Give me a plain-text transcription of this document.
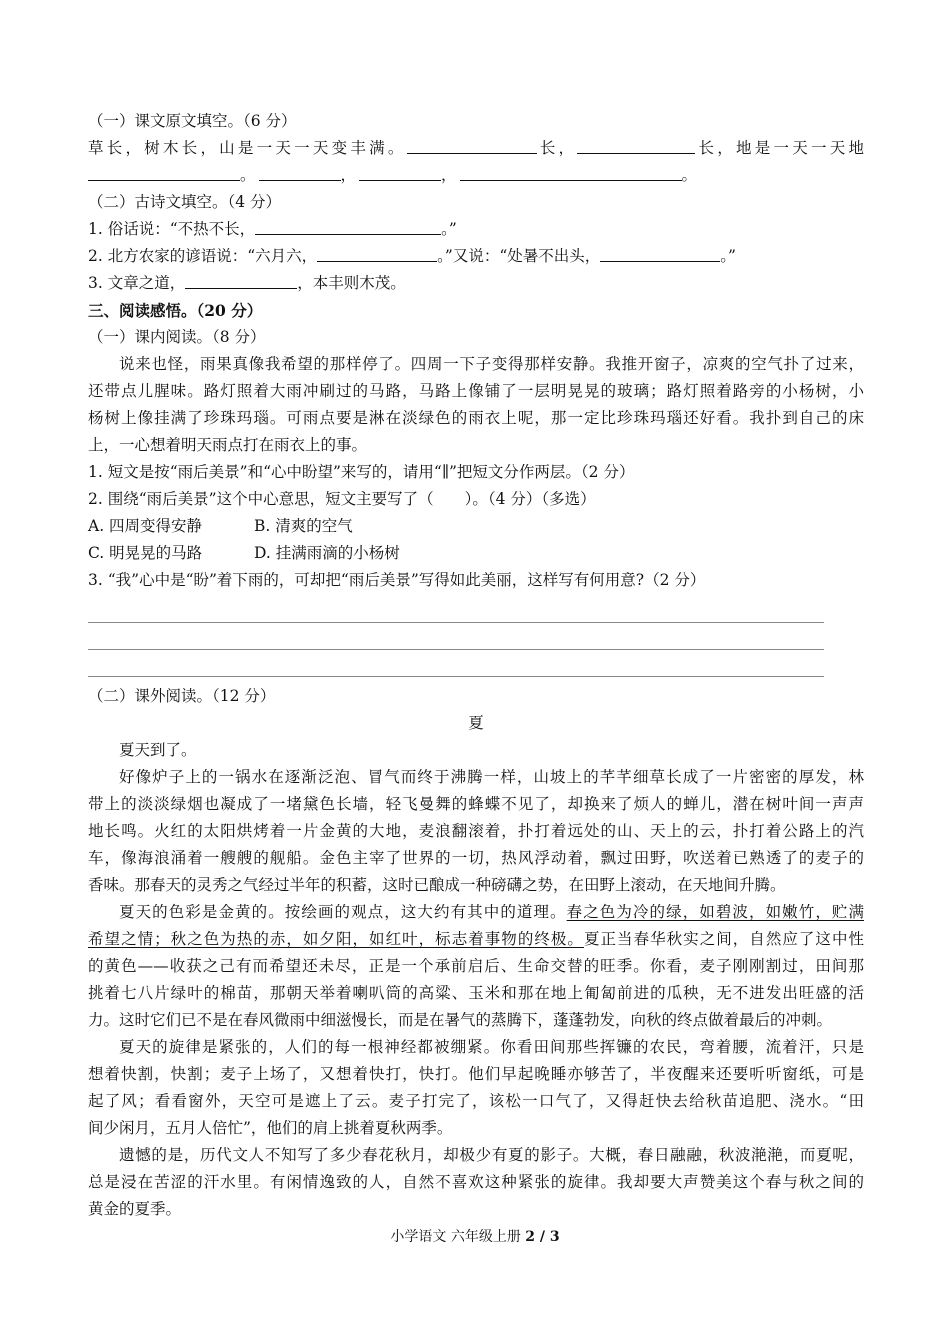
（一）课文原文填空。（6 分）
草长，树木长，山是一天一天变丰满。	长，	长，地是一天一天地
。	，	，	。
（二）古诗文填空。（4 分）
1. 俗话说：“不热不长，	。”
2. 北方农家的谚语说：“六月六，	。”又说：“处暑不出头，	。”
3. 文章之道，	，本丰则木茂。
三、阅读感悟。（20 分）
（一）课内阅读。（8 分）
说来也怪，雨果真像我希望的那样停了。四周一下子变得那样安静。我推开窗子，凉爽的空气扑了过来，
还带点儿腥味。路灯照着大雨冲刷过的马路，马路上像铺了一层明晃晃的玻璃；路灯照着路旁的小杨树，小
杨树上像挂满了珍珠玛瑙。可雨点要是淋在淡绿色的雨衣上呢，那一定比珍珠玛瑙还好看。我扑到自己的床
上，一心想着明天雨点打在雨衣上的事。
1. 短文是按“雨后美景”和“心中盼望”来写的，请用“∥”把短文分作两层。（2 分）
2. 围绕“雨后美景”这个中心意思，短文主要写了（　　）。（4 分）（多选）
A. 四周变得安静	B. 清爽的空气
C. 明晃晃的马路	D. 挂满雨滴的小杨树
3. “我”心中是“盼”着下雨的，可却把“雨后美景”写得如此美丽，这样写有何用意?（2 分）
（二）课外阅读。（12 分）
夏
夏天到了。
好像炉子上的一锅水在逐渐泛泡、冒气而终于沸腾一样，山坡上的芊芊细草长成了一片密密的厚发，林
带上的淡淡绿烟也凝成了一堵黛色长墙，轻飞曼舞的蜂蝶不见了，却换来了烦人的蝉儿，潜在树叶间一声声
地长鸣。火红的太阳烘烤着一片金黄的大地，麦浪翻滚着，扑打着远处的山、天上的云，扑打着公路上的汽
车，像海浪涌着一艘艘的舰船。金色主宰了世界的一切，热风浮动着，飘过田野，吹送着已熟透了的麦子的
香味。那春天的灵秀之气经过半年的积蓄，这时已酿成一种磅礴之势，在田野上滚动，在天地间升腾。
夏天的色彩是金黄的。按绘画的观点，这大约有其中的道理。春之色为冷的绿，如碧波，如嫩竹，贮满
希望之情；秋之色为热的赤，如夕阳，如红叶，标志着事物的终极。夏正当春华秋实之间，自然应了这中性
的黄色——收获之己有而希望还未尽，正是一个承前启后、生命交替的旺季。你看，麦子刚刚割过，田间那
挑着七八片绿叶的棉苗，那朝天举着喇叭筒的高粱、玉米和那在地上匍匐前进的瓜秧，无不进发出旺盛的活
力。这时它们已不是在春风微雨中细滋慢长，而是在暑气的蒸腾下，蓬蓬勃发，向秋的终点做着最后的冲刺。
夏天的旋律是紧张的，人们的每一根神经都被绷紧。你看田间那些挥镰的农民，弯着腰，流着汗，只是
想着快割，快割；麦子上场了，又想着快打，快打。他们早起晚睡亦够苦了，半夜醒来还要听听窗纸，可是
起了风；看看窗外，天空可是遮上了云。麦子打完了，该松一口气了，又得赶快去给秋苗追肥、浇水。“田
间少闲月，五月人倍忙”，他们的肩上挑着夏秋两季。
遗憾的是，历代文人不知写了多少春花秋月，却极少有夏的影子。大概，春日融融，秋波滟滟，而夏呢，
总是浸在苦涩的汗水里。有闲情逸致的人，自然不喜欢这种紧张的旋律。我却要大声赞美这个春与秋之间的
黄金的夏季。
小学语文 六年级上册 2 / 3
